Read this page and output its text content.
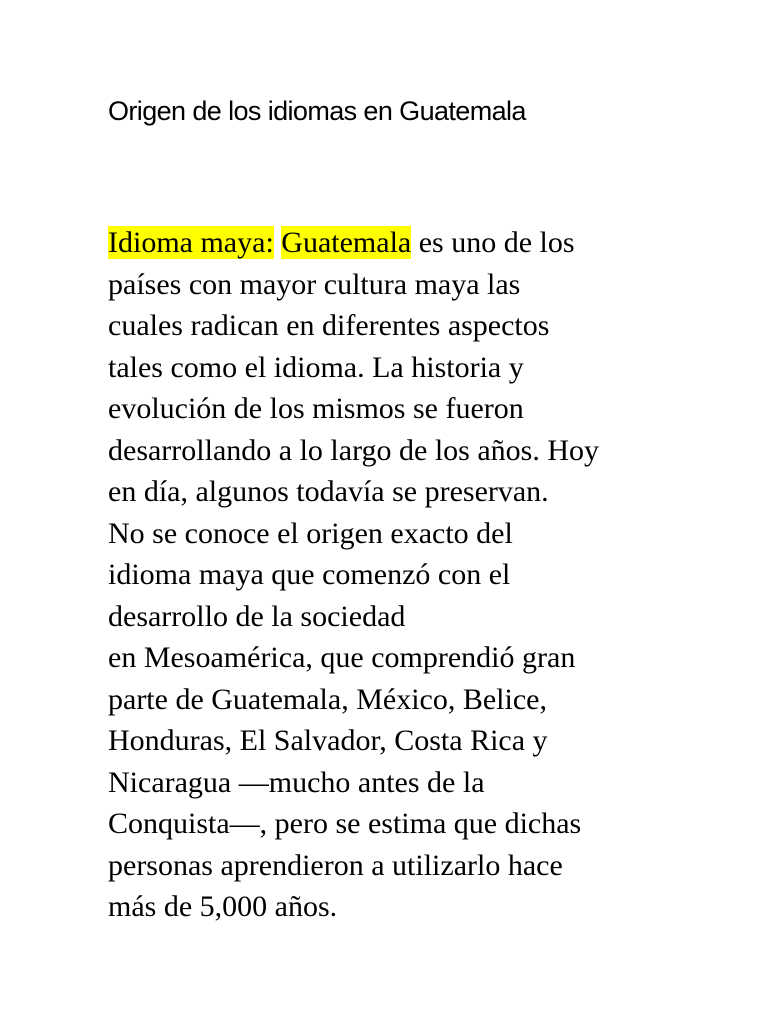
Origen de los idiomas en Guatemala
Idioma maya: Guatemala es uno de los
países con mayor cultura maya las
cuales radican en diferentes aspectos
tales como el idioma. La historia y
evolución de los mismos se fueron
desarrollando a lo largo de los años. Hoy
en día, algunos todavía se preservan.
No se conoce el origen exacto del
idioma maya que comenzó con el
desarrollo de la sociedad
en Mesoamérica, que comprendió gran
parte de Guatemala, México, Belice,
Honduras, El Salvador, Costa Rica y
Nicaragua —mucho antes de la
Conquista—, pero se estima que dichas
personas aprendieron a utilizarlo hace
más de 5,000 años.
